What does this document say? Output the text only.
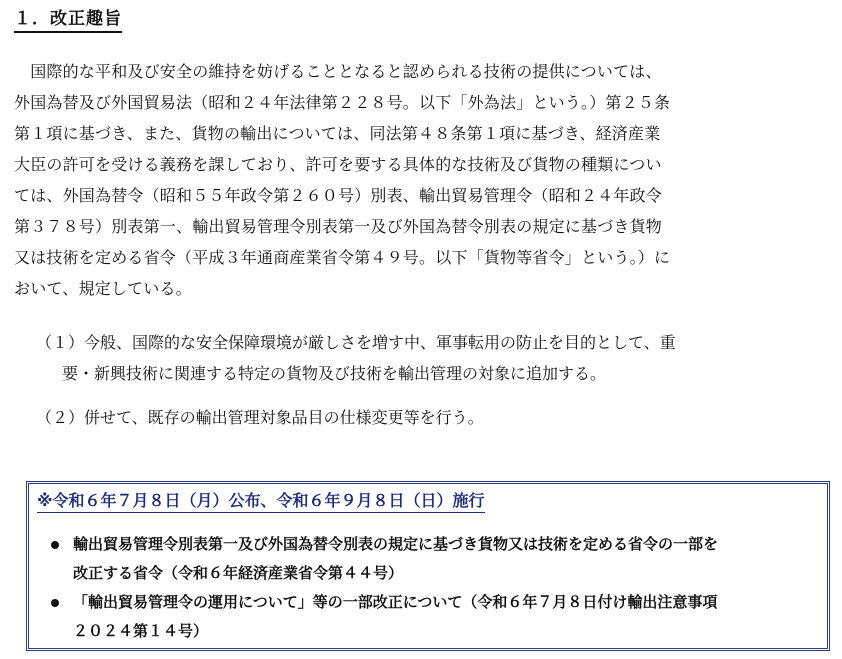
１．改正趣旨
　国際的な平和及び安全の維持を妨げることとなると認められる技術の提供については、
外国為替及び外国貿易法（昭和２４年法律第２２８号。以下「外為法」という。）第２５条
第１項に基づき、また、貨物の輸出については、同法第４８条第１項に基づき、経済産業
大臣の許可を受ける義務を課しており、許可を要する具体的な技術及び貨物の種類につい
ては、外国為替令（昭和５５年政令第２６０号）別表、輸出貿易管理令（昭和２４年政令
第３７８号）別表第一、輸出貿易管理令別表第一及び外国為替令別表の規定に基づき貨物
又は技術を定める省令（平成３年通商産業省令第４９号。以下「貨物等省令」という。）に
おいて、規定している。
（１）今般、国際的な安全保障環境が厳しさを増す中、軍事転用の防止を目的として、重
要・新興技術に関連する特定の貨物及び技術を輸出管理の対象に追加する。
（２）併せて、既存の輸出管理対象品目の仕様変更等を行う。
※令和６年７月８日（月）公布、令和６年９月８日（日）施行
輸出貿易管理令別表第一及び外国為替令別表の規定に基づき貨物又は技術を定める省令の一部を
改正する省令（令和６年経済産業省令第４４号）
「輸出貿易管理令の運用について」等の一部改正について（令和６年７月８日付け輸出注意事項
２０２４第１４号）
